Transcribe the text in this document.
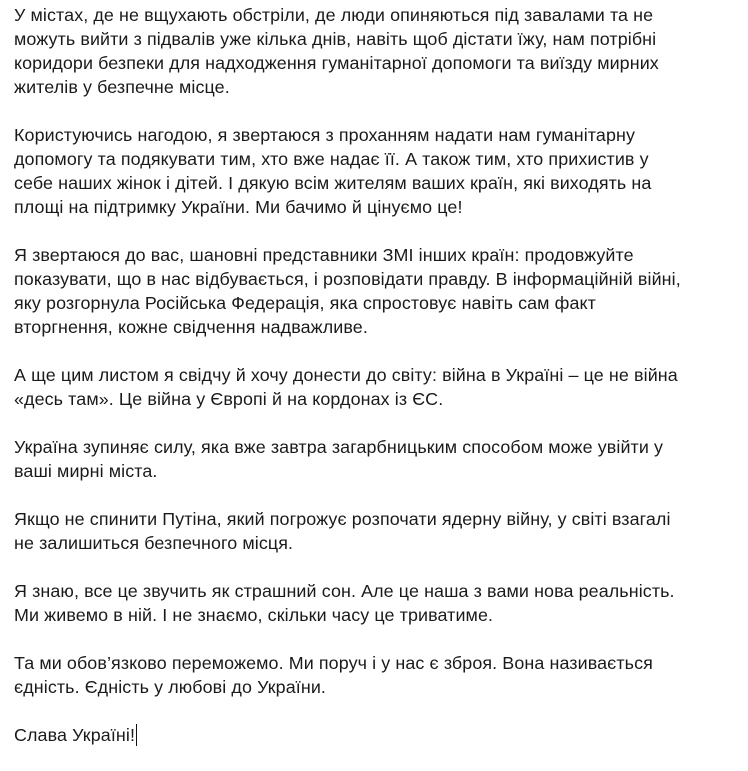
У містах, де не вщухають обстріли, де люди опиняються під завалами та не
можуть вийти з підвалів уже кілька днів, навіть щоб дістати їжу, нам потрібні
коридори безпеки для надходження гуманітарної допомоги та виїзду мирних
жителів у безпечне місце.
Користуючись нагодою, я звертаюся з проханням надати нам гуманітарну
допомогу та подякувати тим, хто вже надає її. А також тим, хто прихистив у
себе наших жінок і дітей. І дякую всім жителям ваших країн, які виходять на
площі на підтримку України. Ми бачимо й цінуємо це!
Я звертаюся до вас, шановні представники ЗМІ інших країн: продовжуйте
показувати, що в нас відбувається, і розповідати правду. В інформаційній війні,
яку розгорнула Російська Федерація, яка спростовує навіть сам факт
вторгнення, кожне свідчення надважливе.
А ще цим листом я свідчу й хочу донести до світу: війна в Україні – це не війна
«десь там». Це війна у Європі й на кордонах із ЄС.
Україна зупиняє силу, яка вже завтра загарбницьким способом може увійти у
ваші мирні міста.
Якщо не спинити Путіна, який погрожує розпочати ядерну війну, у світі взагалі
не залишиться безпечного місця.
Я знаю, все це звучить як страшний сон. Але це наша з вами нова реальність.
Ми живемо в ній. І не знаємо, скільки часу це триватиме.
Та ми обов’язково переможемо. Ми поруч і у нас є зброя. Вона називається
єдність. Єдність у любові до України.
Слава Україні!
